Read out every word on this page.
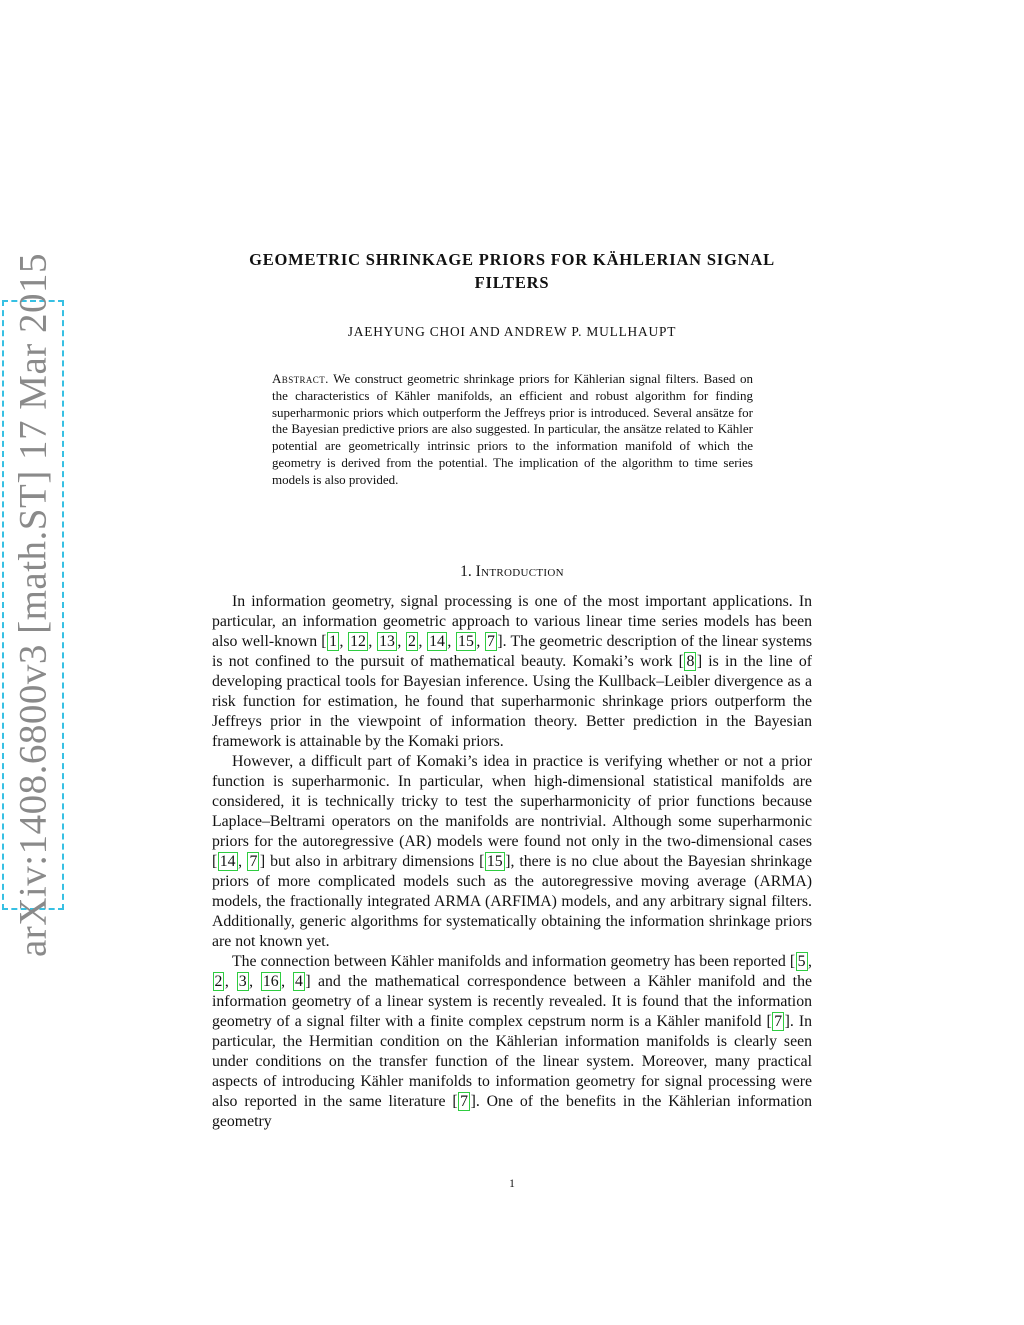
arXiv:1408.6800v3 [math.ST] 17 Mar 2015	GEOMETRIC SHRINKAGE PRIORS FOR KÄHLERIAN SIGNAL
FILTERS
JAEHYUNG CHOI AND ANDREW P. MULLHAUPT
Abstract. We construct geometric shrinkage priors for Kählerian signal filters. Based on the characteristics of Kähler manifolds, an efficient and robust algorithm for finding superharmonic priors which outperform the Jeffreys prior is introduced. Several ansätze for the Bayesian predictive priors are also suggested. In particular, the ansätze related to Kähler potential are geometrically intrinsic priors to the information manifold of which the geometry is derived from the potential. The implication of the algorithm to time series models is also provided.
1. Introduction

In information geometry, signal processing is one of the most important applications. In particular, an information geometric approach to various linear time series models has been also well-known [ 1 , 12 , 13 , 2 , 14 , 15 , 7 ]. The geometric description of the linear systems is not confined to the pursuit of mathematical beauty. Komaki’s work [ 8 ] is in the line of developing practical tools for Bayesian inference. Using the Kullback–Leibler divergence as a risk function for estimation, he found that superharmonic shrinkage priors outperform the Jeffreys prior in the viewpoint of information theory. Better prediction in the Bayesian framework is attainable by the Komaki priors.

However, a difficult part of Komaki’s idea in practice is verifying whether or not a prior function is superharmonic. In particular, when high-dimensional statistical manifolds are considered, it is technically tricky to test the superharmonicity of prior functions because Laplace–Beltrami operators on the manifolds are nontrivial. Although some superharmonic priors for the autoregressive (AR) models were found not only in the two-dimensional cases [ 14 , 7 ] but also in arbitrary dimensions [ 15 ], there is no clue about the Bayesian shrinkage priors of more complicated models such as the autoregressive moving average (ARMA) models, the fractionally integrated ARMA (ARFIMA) models, and any arbitrary signal filters. Additionally, generic algorithms for systematically obtaining the information shrinkage priors are not known yet.

The connection between Kähler manifolds and information geometry has been reported [ 5 , 2 , 3 , 16 , 4 ] and the mathematical correspondence between a Kähler manifold and the information geometry of a linear system is recently revealed. It is found that the information geometry of a signal filter with a finite complex cepstrum norm is a Kähler manifold [ 7 ]. In particular, the Hermitian condition on the Kählerian information manifolds is clearly seen under conditions on the transfer function of the linear system. Moreover, many practical aspects of introducing Kähler manifolds to information geometry for signal processing were also reported in the same literature [ 7 ]. One of the benefits in the Kählerian information geometry

1
